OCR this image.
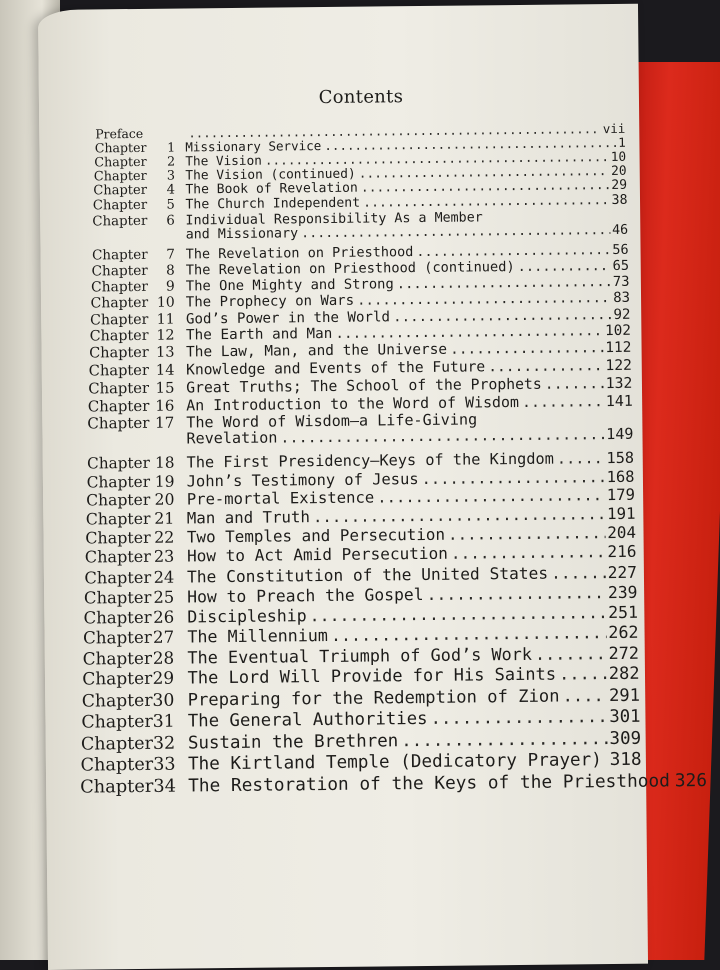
Contents
Preface .....	vii
Chapter 1 Missionary Service .....	1
Chapter 2 The Vision .....	10
Chapter 3 The Vision (continued) .....	20
Chapter 4 The Book of Revelation .....	29
Chapter 5 The Church Independent .....	38
Chapter 6 Individual Responsibility As a Member
and Missionary .....	46
Chapter 7 The Revelation on Priesthood .....	56
Chapter 8 The Revelation on Priesthood (continued) .....	65
Chapter 9 The One Mighty and Strong .....	73
Chapter 10 The Prophecy on Wars .....	83
Chapter 11 God’s Power in the World .....	92
Chapter 12 The Earth and Man .....	102
Chapter 13 The Law, Man, and the Universe .....	112
Chapter 14 Knowledge and Events of the Future .....	122
Chapter 15 Great Truths; The School of the Prophets .....	132
Chapter 16 An Introduction to the Word of Wisdom .....	141
Chapter 17 The Word of Wisdom—a Life-Giving
Revelation .....	149
Chapter 18 The First Presidency—Keys of the Kingdom .....	158
Chapter 19 John’s Testimony of Jesus .....	168
Chapter 20 Pre-mortal Existence .....	179
Chapter 21 Man and Truth .....	191
Chapter 22 Two Temples and Persecution .....	204
Chapter 23 How to Act Amid Persecution .....	216
Chapter 24 The Constitution of the United States .....	227
Chapter 25 How to Preach the Gospel .....	239
Chapter 26 Discipleship .....	251
Chapter 27 The Millennium .....	262
Chapter 28 The Eventual Triumph of God’s Work .....	272
Chapter 29 The Lord Will Provide for His Saints .....	282
Chapter 30 Preparing for the Redemption of Zion .....	291
Chapter 31 The General Authorities .....	301
Chapter 32 Sustain the Brethren .....	309
Chapter 33 The Kirtland Temple (Dedicatory Prayer) ..... 318
Chapter 34 The Restoration of the Keys of the Priesthood ..... 326
